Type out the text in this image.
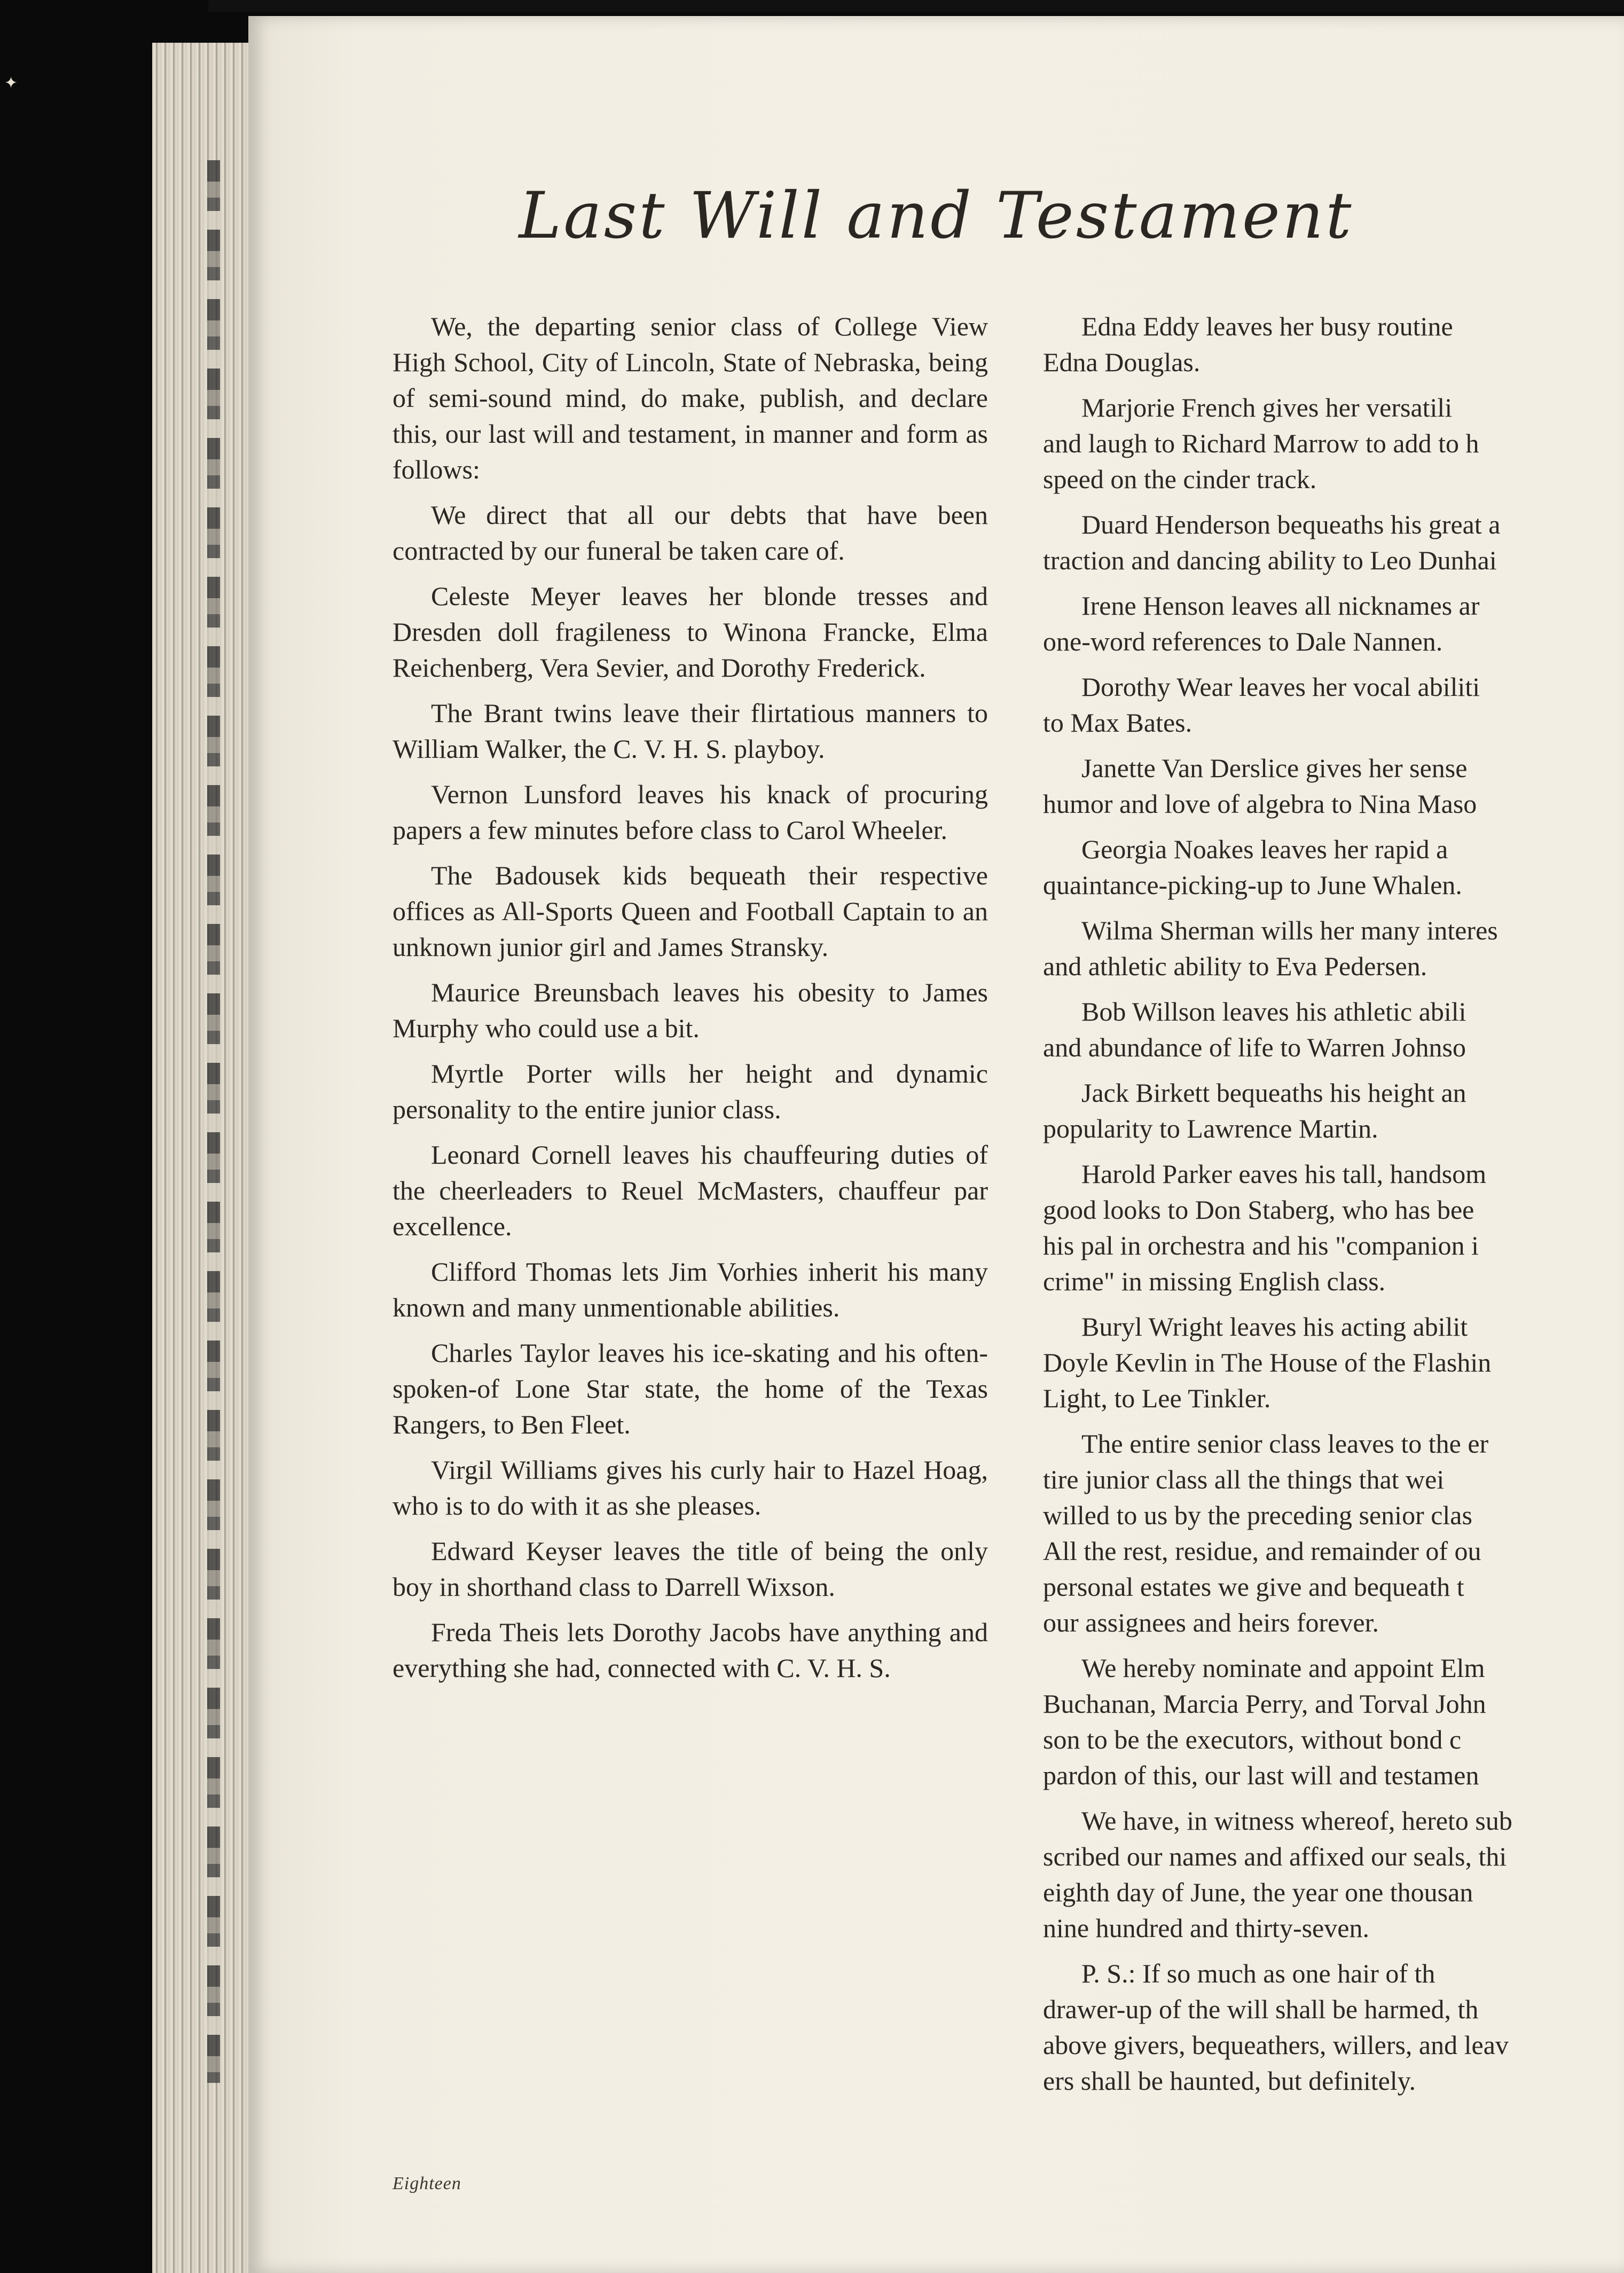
✦
Last Will and Testament

We, the departing senior class of College View High School, City of Lincoln, State of Nebraska, being of semi-sound mind, do make, publish, and declare this, our last will and testament, in manner and form as follows:

We direct that all our debts that have been contracted by our funeral be taken care of.

Celeste Meyer leaves her blonde tresses and Dresden doll fragileness to Winona Francke, Elma Reichenberg, Vera Sevier, and Dorothy Frederick.

The Brant twins leave their flirtatious manners to William Walker, the C. V. H. S. playboy.

Vernon Lunsford leaves his knack of procuring papers a few minutes before class to Carol Wheeler.

The Badousek kids bequeath their respective offices as All-Sports Queen and Football Captain to an unknown junior girl and James Stransky.

Maurice Breunsbach leaves his obesity to James Murphy who could use a bit.

Myrtle Porter wills her height and dynamic personality to the entire junior class.

Leonard Cornell leaves his chauffeuring duties of the cheerleaders to Reuel McMasters, chauffeur par excellence.

Clifford Thomas lets Jim Vorhies inherit his many known and many unmentionable abilities.

Charles Taylor leaves his ice-skating and his often-spoken-of Lone Star state, the home of the Texas Rangers, to Ben Fleet.

Virgil Williams gives his curly hair to Hazel Hoag, who is to do with it as she pleases.

Edward Keyser leaves the title of being the only boy in shorthand class to Darrell Wixson.

Freda Theis lets Dorothy Jacobs have anything and everything she had, connected with C. V. H. S.

Edna Eddy leaves her busy routine
Edna Douglas.

Marjorie French gives her versatili
and laugh to Richard Marrow to add to h
speed on the cinder track.

Duard Henderson bequeaths his great a
traction and dancing ability to Leo Dunhai

Irene Henson leaves all nicknames ar
one-word references to Dale Nannen.

Dorothy Wear leaves her vocal abiliti
to Max Bates.

Janette Van Derslice gives her sense
humor and love of algebra to Nina Maso

Georgia Noakes leaves her rapid a
quaintance-picking-up to June Whalen.

Wilma Sherman wills her many interes
and athletic ability to Eva Pedersen.

Bob Willson leaves his athletic abili
and abundance of life to Warren Johnso

Jack Birkett bequeaths his height an
popularity to Lawrence Martin.

Harold Parker eaves his tall, handsom
good looks to Don Staberg, who has bee
his pal in orchestra and his "companion i
crime" in missing English class.

Buryl Wright leaves his acting abilit
Doyle Kevlin in The House of the Flashin
Light, to Lee Tinkler.

The entire senior class leaves to the er
tire junior class all the things that wei
willed to us by the preceding senior clas
All the rest, residue, and remainder of ou
personal estates we give and bequeath t
our assignees and heirs forever.

We hereby nominate and appoint Elm
Buchanan, Marcia Perry, and Torval John
son to be the executors, without bond c
pardon of this, our last will and testamen

We have, in witness whereof, hereto sub
scribed our names and affixed our seals, thi
eighth day of June, the year one thousan
nine hundred and thirty-seven.

P. S.: If so much as one hair of th
drawer-up of the will shall be harmed, th
above givers, bequeathers, willers, and leav
ers shall be haunted, but definitely.

Eighteen
